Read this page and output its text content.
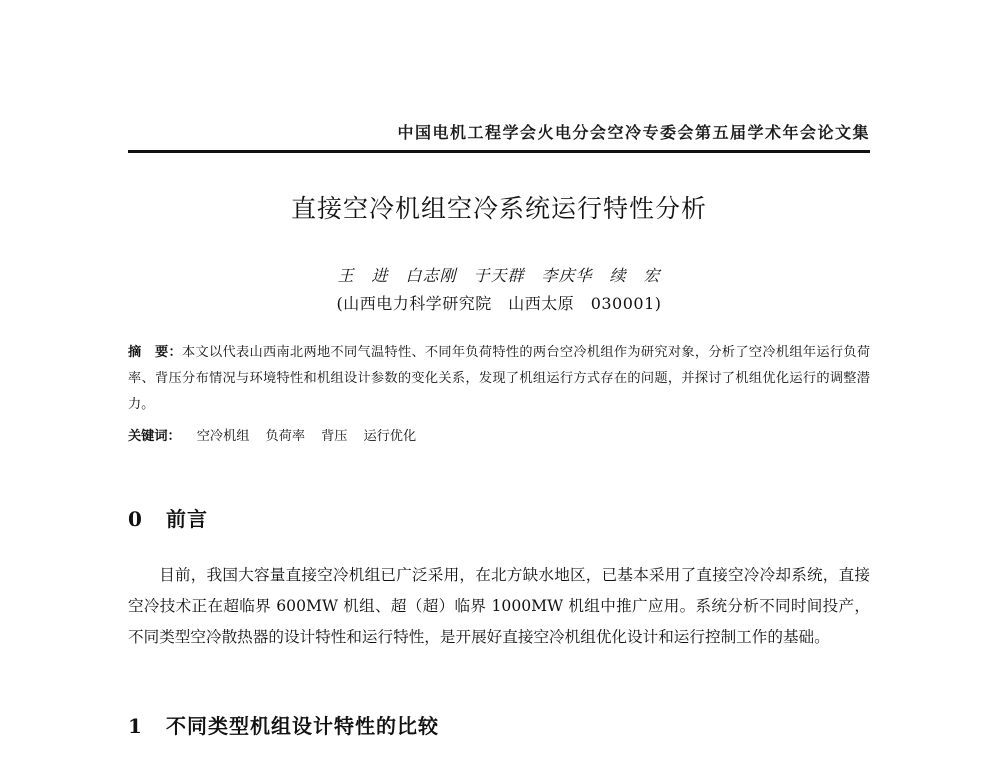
中国电机工程学会火电分会空冷专委会第五届学术年会论文集
直接空冷机组空冷系统运行特性分析
王　进　白志刚　于天群　李庆华　续　宏
(山西电力科学研究院　山西太原　030001)
摘　要：本文以代表山西南北两地不同气温特性、不同年负荷特性的两台空冷机组作为研究对象，分析了空冷机组年运行负荷率、背压分布情况与环境特性和机组设计参数的变化关系，发现了机组运行方式存在的问题，并探讨了机组优化运行的调整潜力。
关键词： 空冷机组 负荷率 背压 运行优化
0 前言
目前，我国大容量直接空冷机组已广泛采用，在北方缺水地区，已基本采用了直接空冷冷却系统，直接空冷技术正在超临界 600MW 机组、超（超）临界 1000MW 机组中推广应用。系统分析不同时间投产，不同类型空冷散热器的设计特性和运行特性，是开展好直接空冷机组优化设计和运行控制工作的基础。
1 不同类型机组设计特性的比较
